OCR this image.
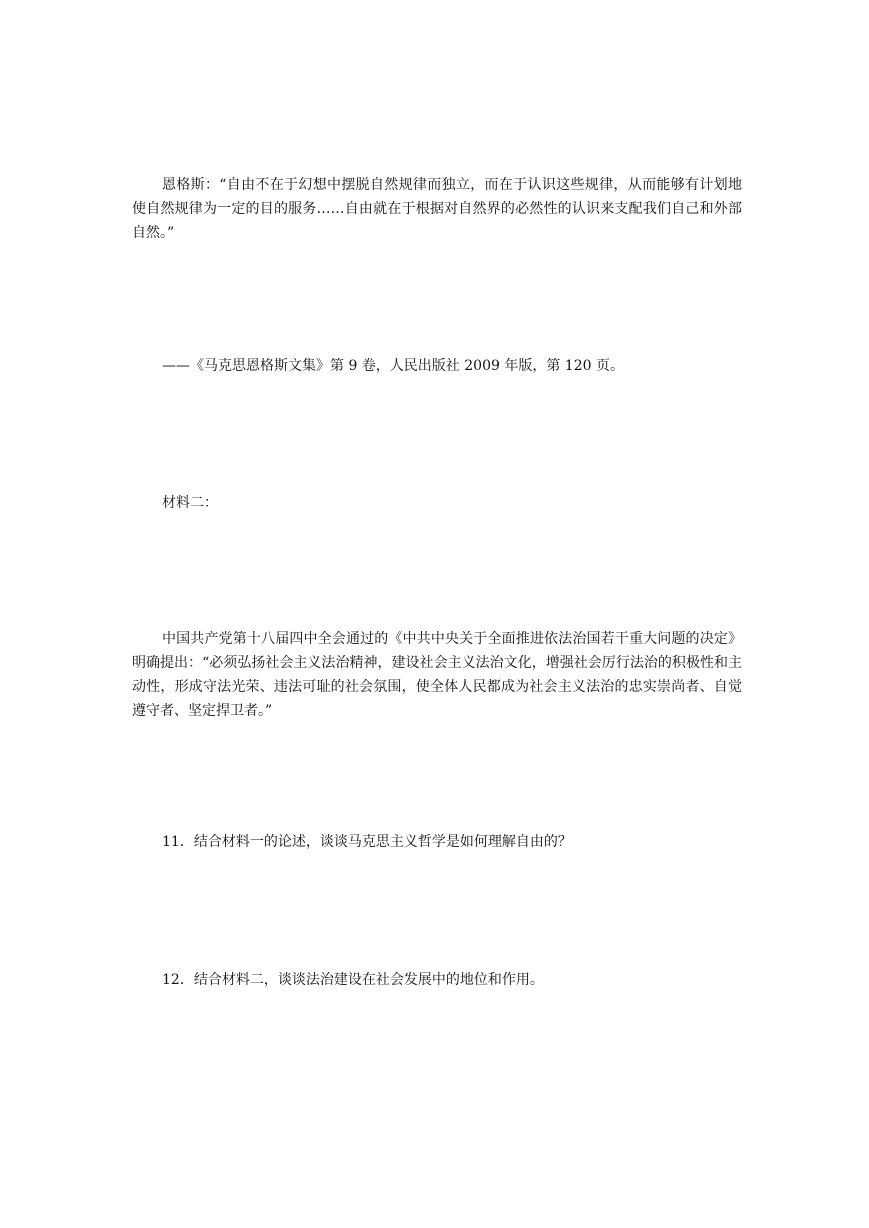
恩格斯：“自由不在于幻想中摆脱自然规律而独立，而在于认识这些规律，从而能够有计划地使自然规律为一定的目的服务……自由就在于根据对自然界的必然性的认识来支配我们自己和外部自然。”

——《马克思恩格斯文集》第 9 卷，人民出版社 2009 年版，第 120 页。

材料二：

中国共产党第十八届四中全会通过的《中共中央关于全面推进依法治国若干重大问题的决定》明确提出：“必须弘扬社会主义法治精神，建设社会主义法治文化，增强社会厉行法治的积极性和主动性，形成守法光荣、违法可耻的社会氛围，使全体人民都成为社会主义法治的忠实崇尚者、自觉遵守者、坚定捍卫者。”

11．结合材料一的论述，谈谈马克思主义哲学是如何理解自由的？

12．结合材料二，谈谈法治建设在社会发展中的地位和作用。
